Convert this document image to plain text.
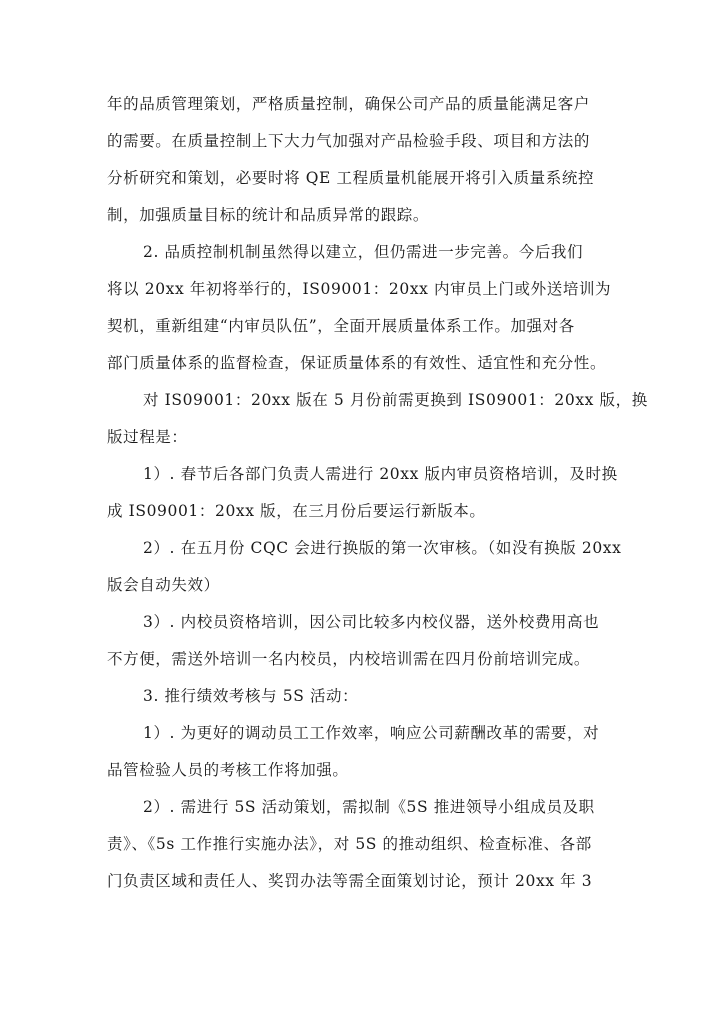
年的品质管理策划，严格质量控制，确保公司产品的质量能满足客户
的需要。在质量控制上下大力气加强对产品检验手段、项目和方法的
分析研究和策划，必要时将 QE 工程质量机能展开将引入质量系统控
制，加强质量目标的统计和品质异常的跟踪。

2. 品质控制机制虽然得以建立，但仍需进一步完善。今后我们
将以 20xx 年初将举行的，IS09001：20xx 内审员上门或外送培训为
契机，重新组建“内审员队伍”，全面开展质量体系工作。加强对各
部门质量体系的监督检查，保证质量体系的有效性、适宜性和充分性。

对 IS09001：20xx 版在 5 月份前需更换到 IS09001：20xx 版，换
版过程是：

1）. 春节后各部门负责人需进行 20xx 版内审员资格培训，及时换
成 IS09001：20xx 版，在三月份后要运行新版本。

2）. 在五月份 CQC 会进行换版的第一次审核。（如没有换版 20xx
版会自动失效）

3）. 内校员资格培训，因公司比较多内校仪器，送外校费用高也
不方便，需送外培训一名内校员，内校培训需在四月份前培训完成。

3. 推行绩效考核与 5S 活动：

1）. 为更好的调动员工工作效率，响应公司薪酬改革的需要，对
品管检验人员的考核工作将加强。

2）. 需进行 5S 活动策划，需拟制《5S 推进领导小组成员及职
责》、《5s 工作推行实施办法》，对 5S 的推动组织、检查标准、各部
门负责区域和责任人、奖罚办法等需全面策划讨论，预计 20xx 年 3
